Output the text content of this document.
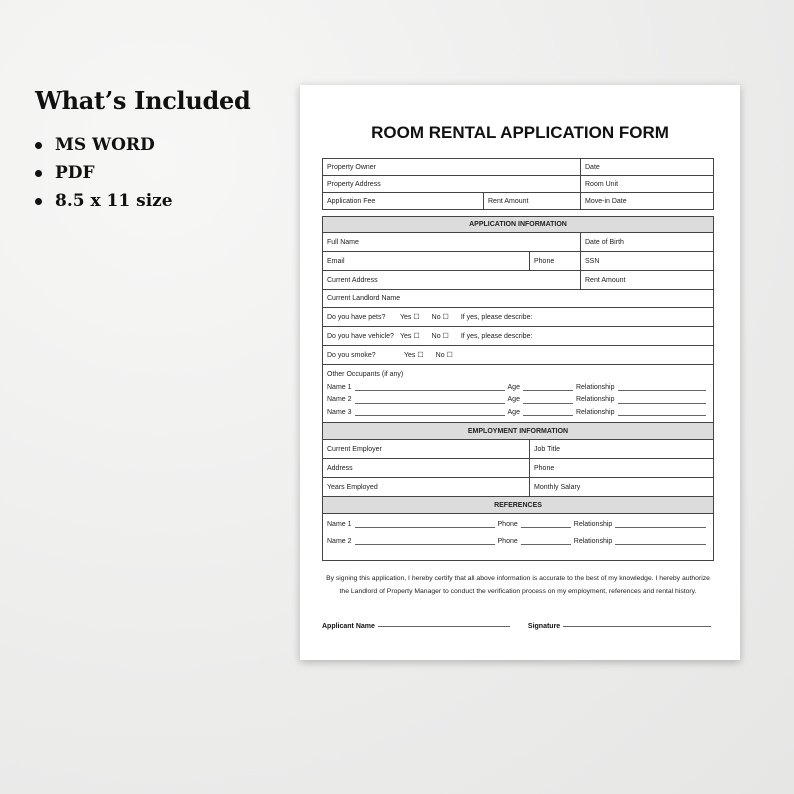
What’s Included
MS WORD
PDF
8.5 x 11 size
ROOM RENTAL APPLICATION FORM
Property Owner	Date
Property Address	Room Unit
Application Fee	Rent Amount	Move-in Date
APPLICATION INFORMATION
Full Name	Date of Birth
Email	Phone	SSN
Current Address	Rent Amount
Current Landlord Name
Do you have pets?	Yes ☐ No ☐ If yes, please describe:
Do you have vehicle? Yes ☐ No ☐ If yes, please describe:
Do you smoke?	Yes ☐ No ☐
Other Occupants (if any)
Name 1	Age	Relationship
Name 2	Age	Relationship
Name 3	Age	Relationship
EMPLOYMENT INFORMATION
Current Employer	Job Title
Address	Phone
Years Employed	Monthly Salary
REFERENCES
Name 1	Phone	Relationship
Name 2	Phone	Relationship
By signing this application, I hereby certify that all above information is accurate to the best of my knowledge. I hereby authorize the Landlord of Property Manager to conduct the verification process on my employment, references and rental history.
Applicant Name	Signature
